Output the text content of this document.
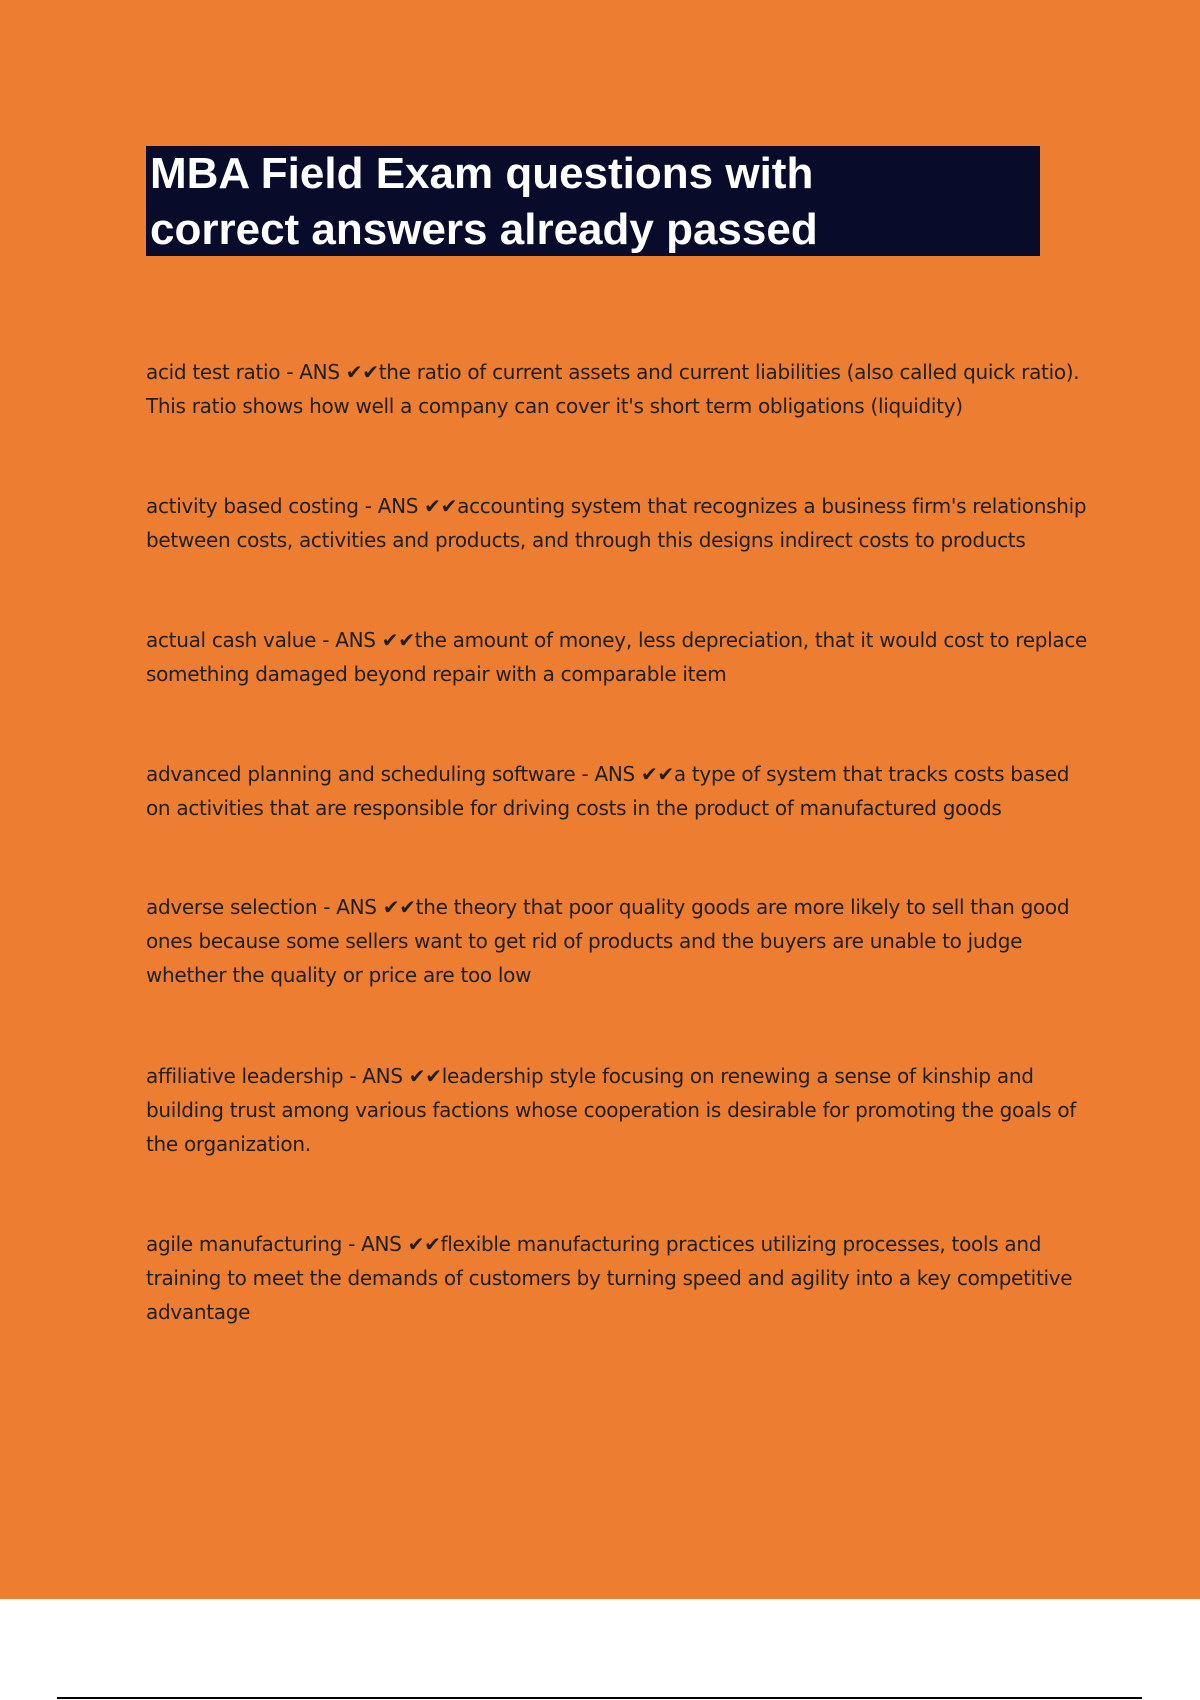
MBA Field Exam questions with
correct answers already passed

acid test ratio - ANS ✔✔the ratio of current assets and current liabilities (also called quick ratio). This ratio shows how well a company can cover it's short term obligations (liquidity)

activity based costing - ANS ✔✔accounting system that recognizes a business firm's relationship between costs, activities and products, and through this designs indirect costs to products

actual cash value - ANS ✔✔the amount of money, less depreciation, that it would cost to replace something damaged beyond repair with a comparable item

advanced planning and scheduling software - ANS ✔✔a type of system that tracks costs based on activities that are responsible for driving costs in the product of manufactured goods

adverse selection - ANS ✔✔the theory that poor quality goods are more likely to sell than good ones because some sellers want to get rid of products and the buyers are unable to judge whether the quality or price are too low

affiliative leadership - ANS ✔✔leadership style focusing on renewing a sense of kinship and building trust among various factions whose cooperation is desirable for promoting the goals of the organization.

agile manufacturing - ANS ✔✔flexible manufacturing practices utilizing processes, tools and training to meet the demands of customers by turning speed and agility into a key competitive advantage
